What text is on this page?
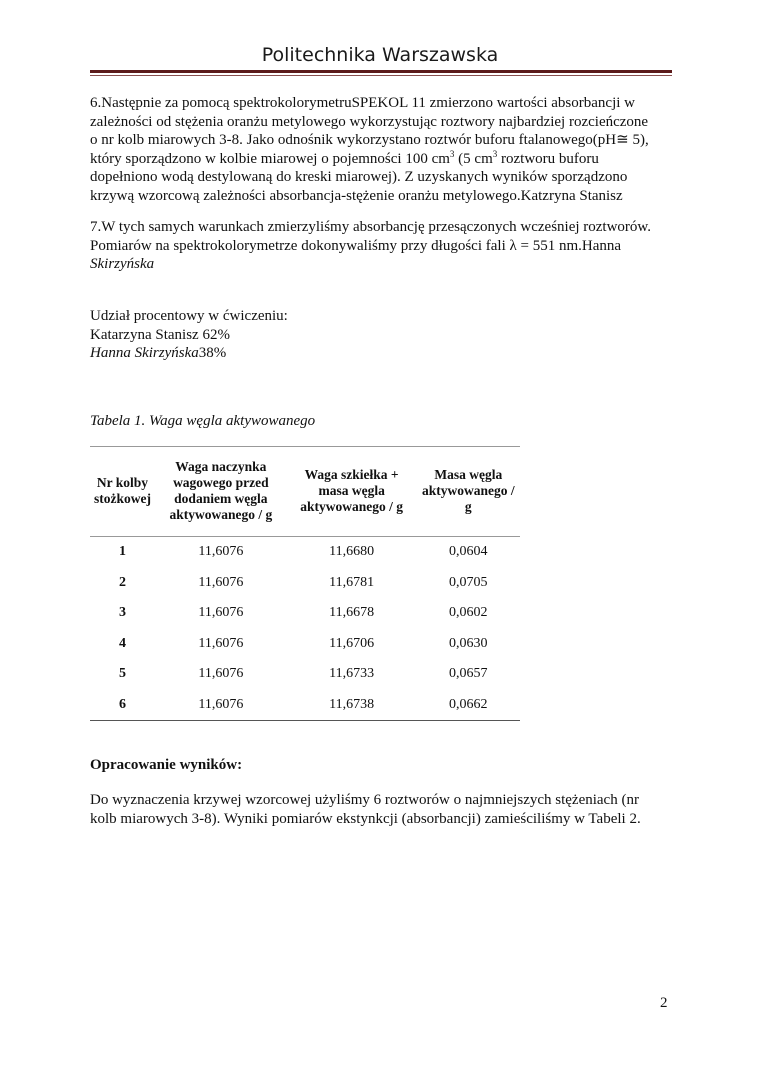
Politechnika Warszawska

6.Następnie za pomocą spektrokolorymetruSPEKOL 11 zmierzono wartości absorbancji w

zależności od stężenia oranżu metylowego wykorzystując roztwory najbardziej rozcieńczone

o nr kolb miarowych 3-8. Jako odnośnik wykorzystano roztwór buforu ftalanowego(pH≅ 5),

który sporządzono w kolbie miarowej o pojemności 100 $cm^3$ (5 $cm^3$ roztworu buforu

dopełniono wodą destylowaną do kreski miarowej). Z uzyskanych wyników sporządzono

krzywą wzorcową zależności absorbancja-stężenie oranżu metylowego.Katzryna Stanisz

7.W tych samych warunkach zmierzyliśmy absorbancję przesączonych wcześniej roztworów.

Pomiarów na spektrokolorymetrze dokonywaliśmy przy długości fali λ = 551 nm.Hanna

Skirzyńska

Udział procentowy w ćwiczeniu:

Katarzyna Stanisz 62%

Hanna Skirzyńska38%

Tabela 1. Waga węgla aktywowanego
Nr kolby stożkowej	Waga naczynka wagowego przed dodaniem węgla aktywowanego / g	Waga szkiełka + masa węgla aktywowanego / g	Masa węgla aktywowanego / g
1	11,6076	11,6680	0,0604
2	11,6076	11,6781	0,0705
3	11,6076	11,6678	0,0602
4	11,6076	11,6706	0,0630
5	11,6076	11,6733	0,0657
6	11,6076	11,6738	0,0662
Opracowanie wyników:

Do wyznaczenia krzywej wzorcowej użyliśmy 6 roztworów o najmniejszych stężeniach (nr

kolb miarowych 3-8). Wyniki pomiarów ekstynkcji (absorbancji) zamieściliśmy w Tabeli 2.

2
